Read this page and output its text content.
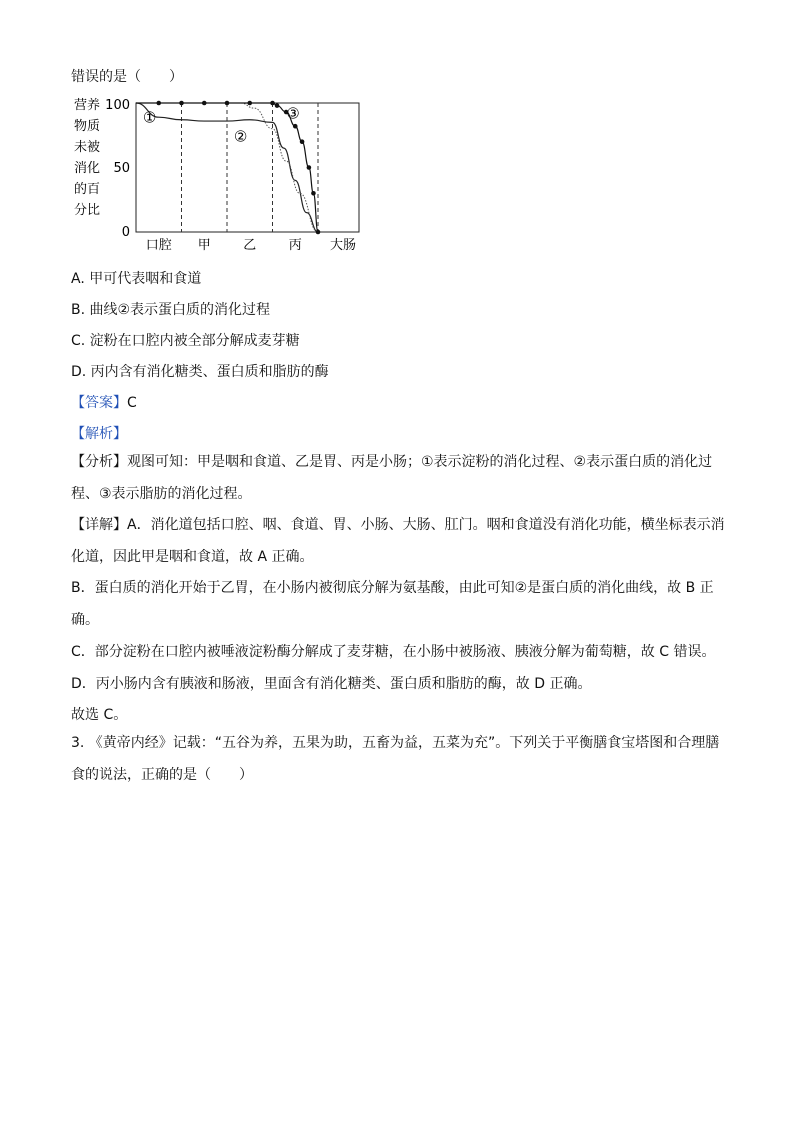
错误的是（　　）
营养
物质
未被
消化
的百
分比
100
50
0
①
②
③
口腔 甲 乙 丙 大肠
A. 甲可代表咽和食道
B. 曲线②表示蛋白质的消化过程
C. 淀粉在口腔内被全部分解成麦芽糖
D. 丙内含有消化糖类、蛋白质和脂肪的酶
【答案】C
【解析】
【分析】观图可知：甲是咽和食道、乙是胃、丙是小肠；①表示淀粉的消化过程、②表示蛋白质的消化过程、③表示脂肪的消化过程。
【详解】A．消化道包括口腔、咽、食道、胃、小肠、大肠、肛门。咽和食道没有消化功能，横坐标表示消化道，因此甲是咽和食道，故 A 正确。
B．蛋白质的消化开始于乙胃，在小肠内被彻底分解为氨基酸，由此可知②是蛋白质的消化曲线，故 B 正确。
C．部分淀粉在口腔内被唾液淀粉酶分解成了麦芽糖，在小肠中被肠液、胰液分解为葡萄糖，故 C 错误。
D．丙小肠内含有胰液和肠液，里面含有消化糖类、蛋白质和脂肪的酶，故 D 正确。
故选 C。
3. 《黄帝内经》记载：“五谷为养，五果为助，五畜为益，五菜为充”。下列关于平衡膳食宝塔图和合理膳食的说法，正确的是（　　）
